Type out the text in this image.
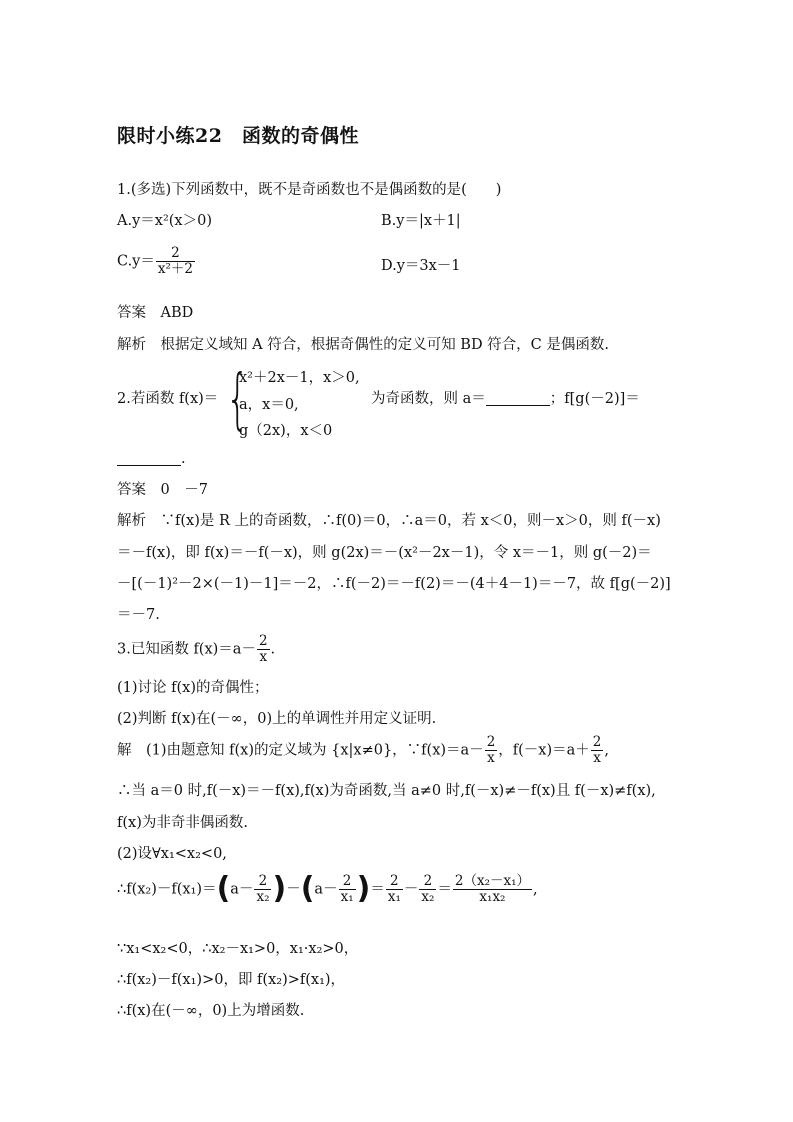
限时小练22　函数的奇偶性
1.(多选)下列函数中，既不是奇函数也不是偶函数的是(　　)
A.y＝x²(x＞0)	B.y＝|x＋1|
$C.y= \frac{2}{\text{x²＋2}}$	D.y＝3x－1
答案  ABD
解析  根据定义域知 A 符合，根据奇偶性的定义可知 BD 符合，C 是偶函数.
2.若函数 f(x)＝ {
x²＋2x－1，x＞0,
a，x＝0,
g（2x)，x＜0
为奇函数，则 a＝	；f[g(－2)]＝
.
答案  0　－7
解析  ∵f(x)是 R 上的奇函数，∴f(0)＝0，∴a＝0，若 x＜0，则－x＞0，则 f(－x)
＝－f(x)，即 f(x)＝－f(－x)，则 g(2x)＝－(x²－2x－1)，令 x＝－1，则 g(－2)＝
－[(－1)²－2×(－1)－1]＝－2，∴f(－2)＝－f(2)＝－(4＋4－1)＝－7，故 f[g(－2)]
＝－7.
3.已知函数 $f(x)=a- \frac{2}{x}$ .
(1)讨论 f(x)的奇偶性；
(2)判断 f(x)在(－∞，0)上的单调性并用定义证明.
解  (1)由题意知 f(x)的定义域为 {x|x≠0}，∵f(x)＝a－ $\frac{2}{x}$ ，$f(-x)=a+ \frac{2}{x}$ ,
∴当 a＝0 时,f(－x)＝－f(x),f(x)为奇函数,当 a≠0 时,f(－x)≠－f(x)且 f(－x)≠f(x),
f(x)为非奇非偶函数.
(2)设∀x₁<x₂<0,
∴f(x₂)－f(x₁)＝(a－ $\frac{2}{\text{x₂}} )-(a- \frac{2}{\text{x₁}}$ )＝ $\frac{2}{\text{x₁}} - \frac{2}{\text{x₂}} = \frac{\text{2（x₂－x₁）}}{\text{x₁x₂}}$ ,
∵x₁<x₂<0，∴x₂－x₁>0，x₁·x₂>0，
∴f(x₂)－f(x₁)>0，即 f(x₂)>f(x₁)，
∴f(x)在(－∞，0)上为增函数.
